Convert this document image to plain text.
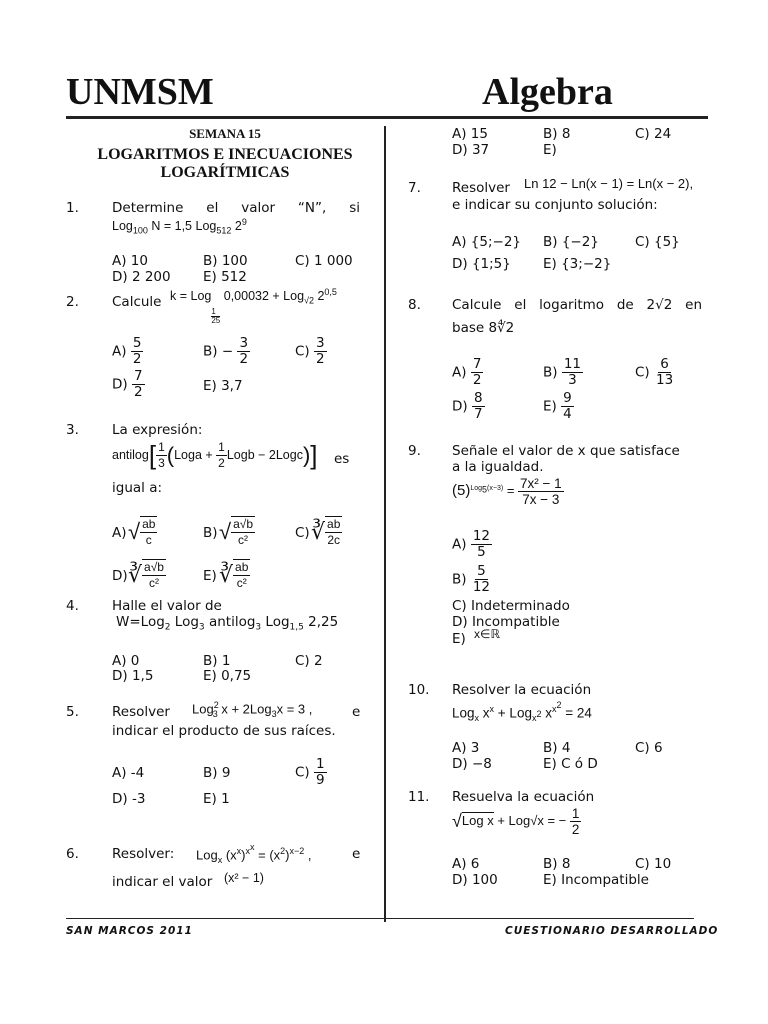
UNMSM	Algebra
SEMANA 15
LOGARITMOS E INECUACIONES
LOGARÍTMICAS
1. Determine el valor “N”, si
Log$_{100}$ N = 1,5 Log$_{512}$ $2^9$
A) 10	B) 100	C) 1 000
D) 2 200 E) 512
2. Calcule k = Log
$_{\frac{1}{25}}$
0,00032 + Log$_{√2}$ 2$^{0,5}$
$A) \frac{5}{2}$	$B) - \frac{3}{2}$	$C) \frac{3}{2}$
$D) \frac{7}{2}$	E) 3,7
3. La expresión:
antilog[ $\frac{1}{3}$ (Loga + $\frac{1}{2}$ Logb − 2Logc)] es
igual a:
A) √ $\frac{ab}{c}$	B) √ $\frac{a√b}{\text{c²}}$	C) ∛ $\frac{ab}{2c}$
D) ∛ $\frac{a√b}{\text{c²}}$	E) ∛ $\frac{ab}{\text{c²}}$
4. Halle el valor de
W=Log$_2$ Log$_3$ antilog$_3$ Log$_{1,5}$ 2,25
A) 0	B) 1	C) 2
D) 1,5	E) 0,75
5. Resolver Log$^2_3$ x + 2Log$_3$x = 3 ,	e
indicar el producto de sus raíces.
A) -4	B) 9	$C) \frac{1}{9}$
D) -3	E) 1
6. Resolver: Log$_x$ $(x^x)^{x^x} = (x^2)^{x-2}$ ,	e
indicar el valor (x² − 1)
A) 15	B) 8	C) 24
D) 37	E)
7. Resolver Ln 12 − Ln(x − 1) = Ln(x − 2),
e indicar su conjunto solución:
A) {5;−2} B) {−2}	C) {5}
D) {1;5} E) {3;−2}
8. Calcule el logaritmo de 2√2 en
base 8∜2
$A) \frac{7}{2}$	$B) \frac{11}{3}$	$C) \frac{6}{13}$
$D) \frac{8}{7}$	$E) \frac{9}{4}$
9. Señale el valor de x que satisface
a la igualdad.
$(5)^{Log_5(x-3)} = \frac{\text{7x² − 1}}{7x - 3}$
$A) \frac{12}{5}$
$B) \frac{5}{12}$
C) Indeterminado
D) Incompatible
E) x∈ℝ
10. Resolver la ecuación
Log$_x$ $x^x + Log_{x^2}$ $x^{x^2} = 24$
A) 3	B) 4	C) 6
D) −8	E) C ó D
11. Resuelva la ecuación
√Log x + Log√x = − $\frac{1}{2}$
A) 6	B) 8	C) 10
D) 100	E) Incompatible
SAN MARCOS 2011	CUESTIONARIO DESARROLLADO
